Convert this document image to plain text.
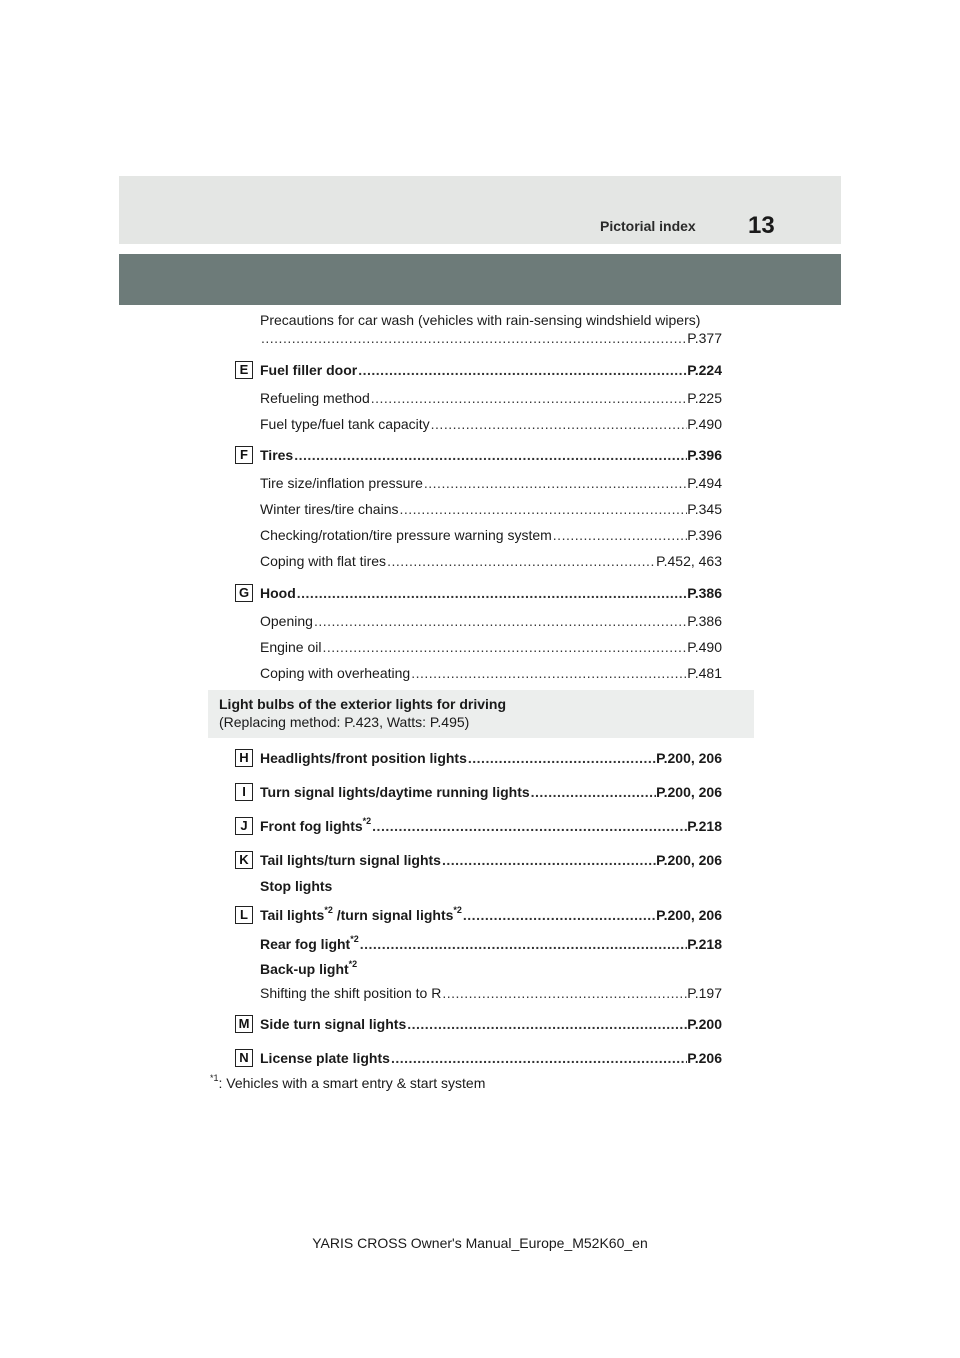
Pictorial index 13
Precautions for car wash (vehicles with rain-sensing windshield wipers)
.....
P.377
E Fuel filler door .....	P.224
Refueling method .....	P.225
Fuel type/fuel tank capacity .....	P.490
F Tires .....	P.396
Tire size/inflation pressure .....	P.494
Winter tires/tire chains .....	P.345
Checking/rotation/tire pressure warning system .....	P.396
Coping with flat tires .....	P.452, 463
G Hood .....	P.386
Opening .....	P.386
Engine oil .....	P.490
Coping with overheating .....	P.481
Light bulbs of the exterior lights for driving
(Replacing method: P.423, Watts: P.495)
H Headlights/front position lights .....	P.200, 206
I	Turn signal lights/daytime running lights .....	P.200, 206
J Front fog lights$^{*2}$ .....	P.218
K Tail lights/turn signal lights .....	P.200, 206
Stop lights
L Tail lights$^{*2}$ /turn signal lights$^{*2}$ .....	P.200, 206
Rear fog light$^{*2}$ .....	P.218
Back-up light$^{*2}$
Shifting the shift position to R .....	P.197
M Side turn signal lights .....	P.200
N License plate lights .....	P.206
$^{*1}$: Vehicles with a smart entry & start system
YARIS CROSS Owner's Manual_Europe_M52K60_en
